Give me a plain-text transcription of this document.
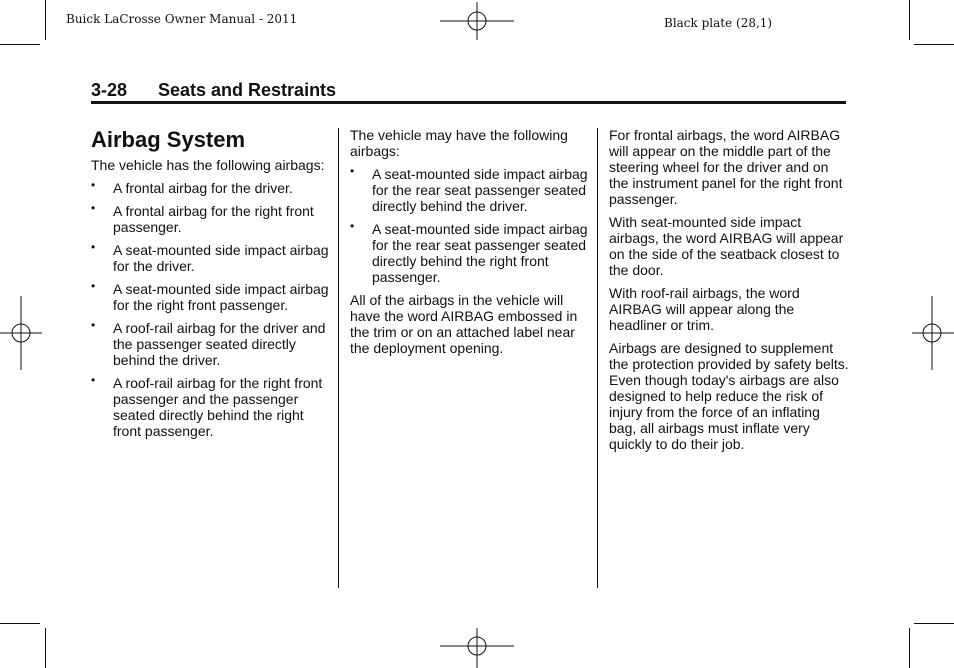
Buick LaCrosse Owner Manual - 2011	Black plate (28,1)
3-28 Seats and Restraints
Airbag System

The vehicle has the following airbags:

• A frontal airbag for the driver.
• A frontal airbag for the right front passenger.
• A seat-mounted side impact airbag for the driver.
• A seat-mounted side impact airbag for the right front passenger.
• A roof-rail airbag for the driver and the passenger seated directly behind the driver.
• A roof-rail airbag for the right front passenger and the passenger seated directly behind the right front passenger.

The vehicle may have the following airbags:

• A seat-mounted side impact airbag for the rear seat passenger seated directly behind the driver.
• A seat-mounted side impact airbag for the rear seat passenger seated directly behind the right front passenger.

All of the airbags in the vehicle will have the word AIRBAG embossed in the trim or on an attached label near the deployment opening.

For frontal airbags, the word AIRBAG will appear on the middle part of the steering wheel for the driver and on the instrument panel for the right front passenger.

With seat-mounted side impact airbags, the word AIRBAG will appear on the side of the seatback closest to the door.

With roof-rail airbags, the word AIRBAG will appear along the headliner or trim.

Airbags are designed to supplement the protection provided by safety belts. Even though today's airbags are also designed to help reduce the risk of injury from the force of an inflating bag, all airbags must inflate very quickly to do their job.
